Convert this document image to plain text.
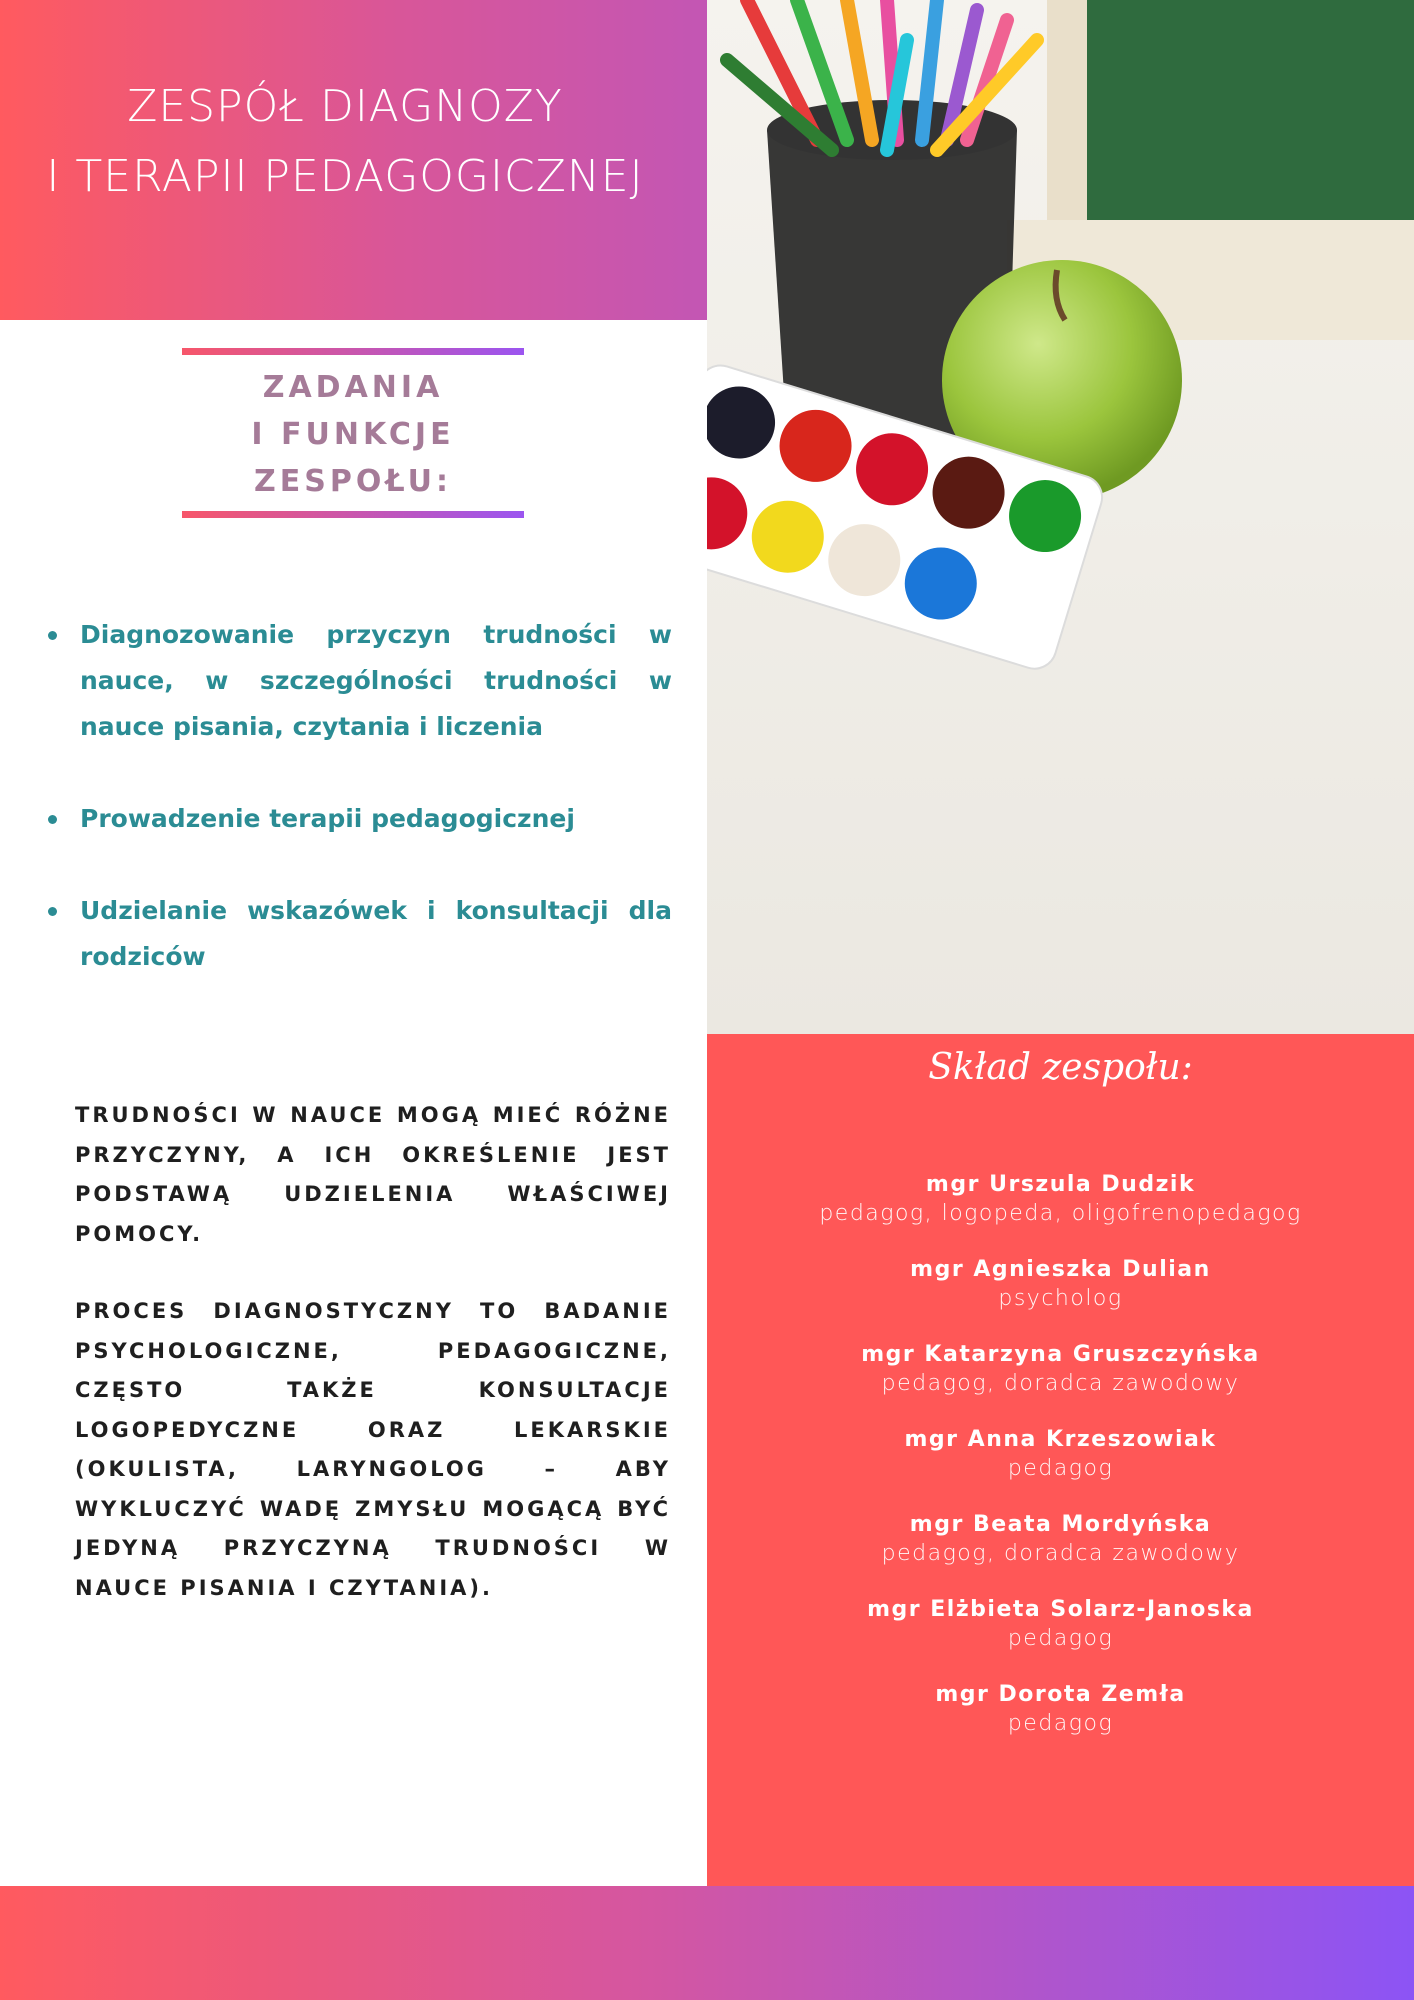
ZESPÓŁ DIAGNOZY
I TERAPII PEDAGOGICZNEJ
ZADANIA
I FUNKCJE
ZESPOŁU:
Diagnozowanie przyczyn trudności w nauce, w szczególności trudności w nauce pisania, czytania i liczenia
Prowadzenie terapii pedagogicznej
Udzielanie wskazówek i konsultacji dla rodziców

TRUDNOŚCI W NAUCE MOGĄ MIEĆ RÓŻNE PRZYCZYNY, A ICH OKREŚLENIE JEST PODSTAWĄ UDZIELENIA WŁAŚCIWEJ POMOCY.

PROCES DIAGNOSTYCZNY TO BADANIE PSYCHOLOGICZNE, PEDAGOGICZNE, CZĘSTO TAKŻE KONSULTACJE LOGOPEDYCZNE ORAZ LEKARSKIE (OKULISTA, LARYNGOLOG – ABY WYKLUCZYĆ WADĘ ZMYSŁU MOGĄCĄ BYĆ JEDYNĄ PRZYCZYNĄ TRUDNOŚCI W NAUCE PISANIA I CZYTANIA).

Skład zespołu:
mgr Urszula Dudzik
pedagog, logopeda, oligofrenopedagog
mgr Agnieszka Dulian
psycholog
mgr Katarzyna Gruszczyńska
pedagog, doradca zawodowy
mgr Anna Krzeszowiak
pedagog
mgr Beata Mordyńska
pedagog, doradca zawodowy
mgr Elżbieta Solarz-Janoska
pedagog
mgr Dorota Zemła
pedagog
